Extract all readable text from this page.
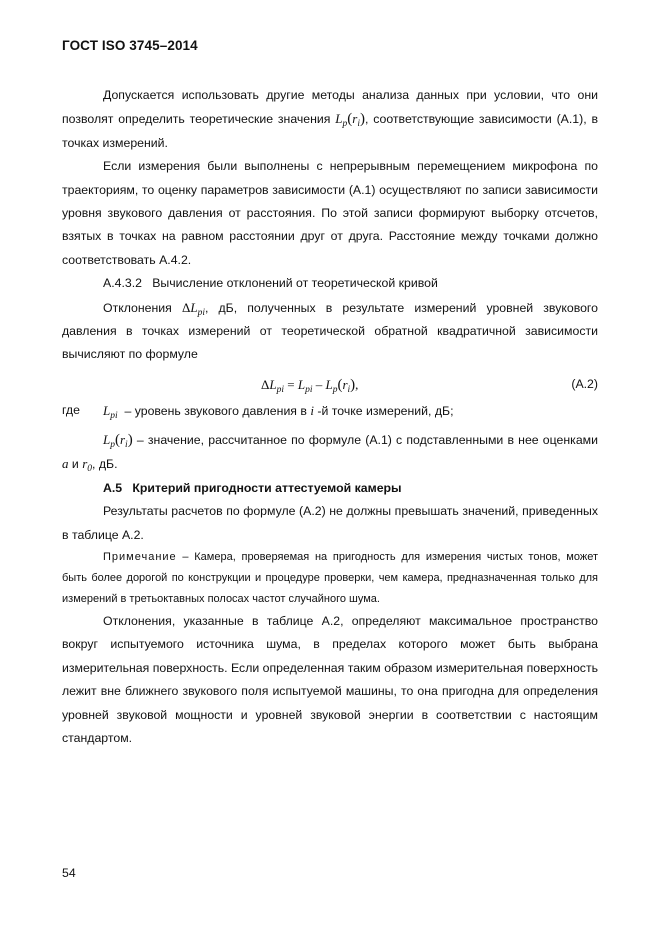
ГОСТ ISO 3745–2014

Допускается использовать другие методы анализа данных при условии, что они позволят определить теоретические значения $L_p(r_i)$, соответствующие зависимости (А.1), в точках измерений.

Если измерения были выполнены с непрерывным перемещением микрофона по траекториям, то оценку параметров зависимости (А.1) осуществляют по записи зависимости уровня звукового давления от расстояния. По этой записи формируют выборку отсчетов, взятых в точках на равном расстоянии друг от друга. Расстояние между точками должно соответствовать А.4.2.

А.4.3.2 Вычисление отклонений от теоретической кривой

Отклонения $\Delta L_{pi}$, дБ, полученных в результате измерений уровней звукового давления в точках измерений от теоретической обратной квадратичной зависимости вычисляют по формуле

$\Delta L_{pi} = L_{pi} - L_p(r_i)$,	(А.2)
где $L_{pi}$ – уровень звукового давления в i -й точке измерений, дБ;

$L_p(r_i)$ – значение, рассчитанное по формуле (А.1) с подставленными в нее оценками a и $r_0$, дБ.

А.5 Критерий пригодности аттестуемой камеры

Результаты расчетов по формуле (А.2) не должны превышать значений, приведенных в таблице А.2.

Примечание – Камера, проверяемая на пригодность для измерения чистых тонов, может быть более дорогой по конструкции и процедуре проверки, чем камера, предназначенная только для измерений в третьоктавных полосах частот случайного шума.

Отклонения, указанные в таблице А.2, определяют максимальное пространство вокруг испытуемого источника шума, в пределах которого может быть выбрана измерительная поверхность. Если определенная таким образом измерительная поверхность лежит вне ближнего звукового поля испытуемой машины, то она пригодна для определения уровней звуковой мощности и уровней звуковой энергии в соответствии с настоящим стандартом.

54
